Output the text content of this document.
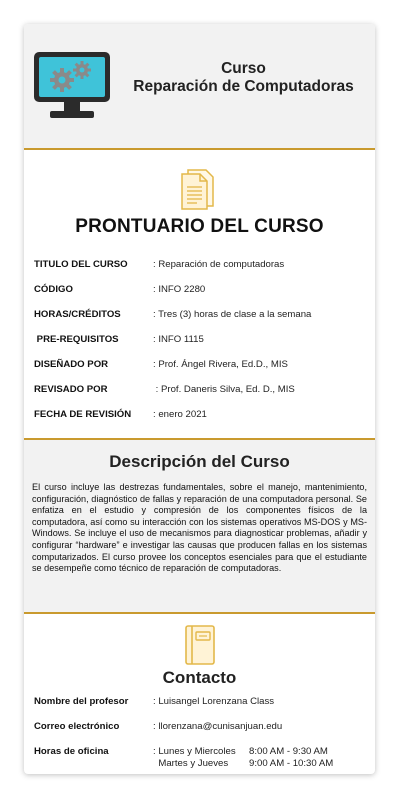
Curso
Reparación de Computadoras
PRONTUARIO DEL CURSO
TITULO DEL CURSO	: Reparación de computadoras
CÓDIGO	: INFO 2280
HORAS/CRÉDITOS	: Tres (3) horas de clase a la semana
PRE-REQUISITOS	: INFO 1115
DISEÑADO POR	: Prof. Ángel Rivera, Ed.D., MIS
REVISADO POR	: Prof. Daneris Silva, Ed. D., MIS
FECHA DE REVISIÓN	: enero 2021
Descripción del Curso
El curso incluye las destrezas fundamentales, sobre el manejo, mantenimiento, configuración, diagnóstico de fallas y reparación de una computadora personal. Se enfatiza en el estudio y compresión de los componentes físicos de la computadora, así como su interacción con los sistemas operativos MS-DOS y MS-Windows. Se incluye el uso de mecanismos para diagnosticar problemas, añadir y configurar “hardware” e investigar las causas que producen fallas en los sistemas computarizados. El curso provee los conceptos esenciales para que el estudiante se desempeñe como técnico de reparación de computadoras.
Contacto
Nombre del profesor	: Luisangel Lorenzana Class
Correo electrónico	: llorenzana@cunisanjuan.edu
Horas de oficina	: Lunes y Miercoles	8:00 AM - 9:30 AM
Martes y Jueves	9:00 AM - 10:30 AM
